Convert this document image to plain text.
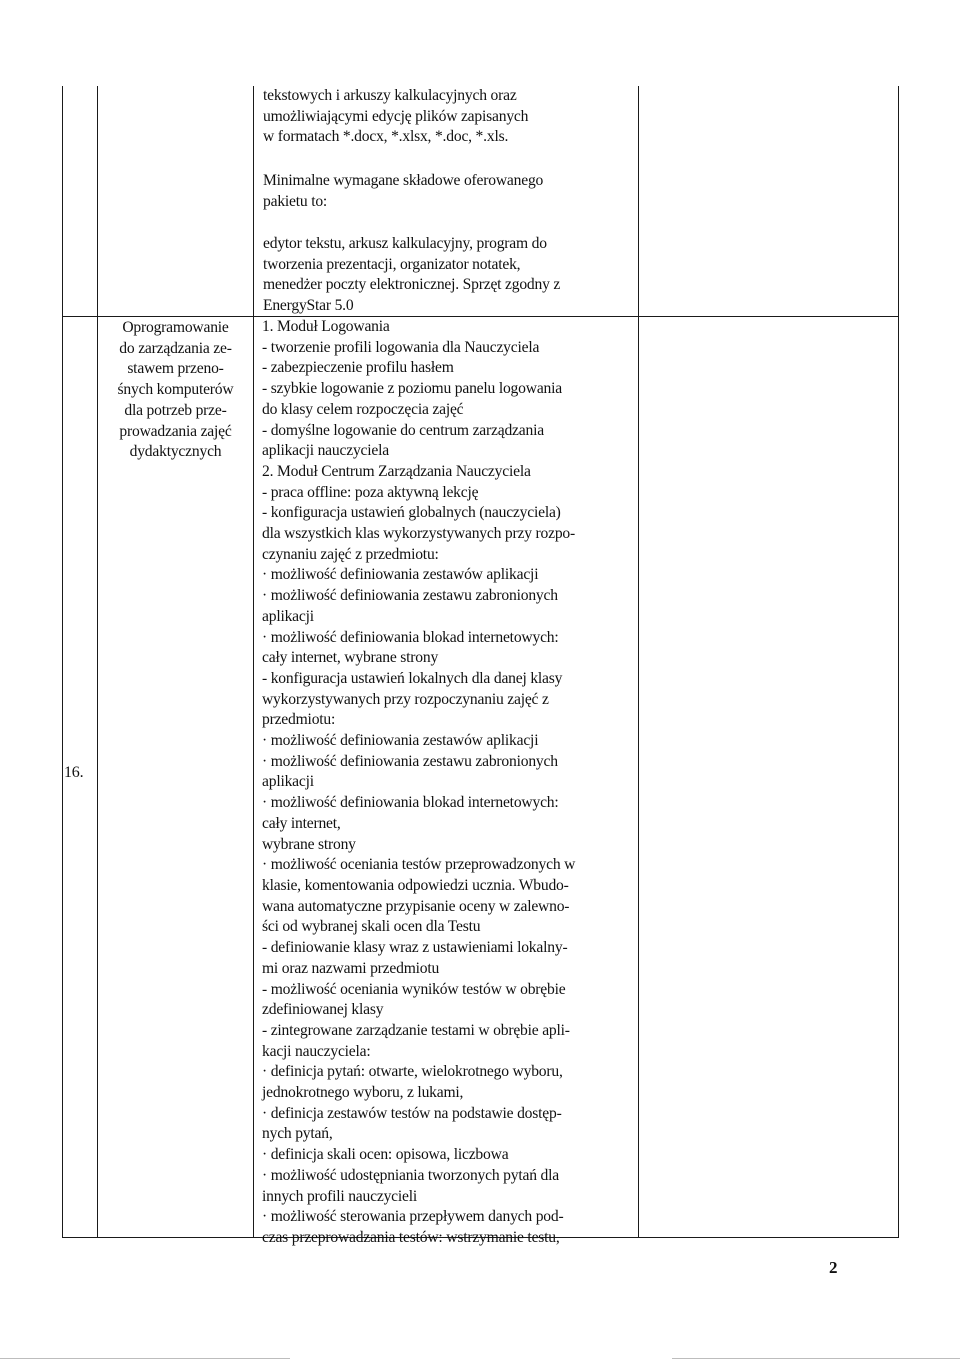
tekstowych i arkuszy kalkulacyjnych oraz
umożliwiającymi edycję plików zapisanych
w formatach *.docx, *.xlsx, *.doc, *.xls.
Minimalne wymagane składowe oferowanego
pakietu to:
edytor tekstu, arkusz kalkulacyjny, program do
tworzenia prezentacji, organizator notatek,
menedżer poczty elektronicznej. Sprzęt zgodny z
EnergyStar 5.0
16.
Oprogramowanie
do zarządzania ze-
stawem przeno-
śnych komputerów
dla potrzeb prze-
prowadzania zajęć
dydaktycznych
1. Moduł Logowania
- tworzenie profili logowania dla Nauczyciela
- zabezpieczenie profilu hasłem
- szybkie logowanie z poziomu panelu logowania
do klasy celem rozpoczęcia zajęć
- domyślne logowanie do centrum zarządzania
aplikacji nauczyciela
2. Moduł Centrum Zarządzania Nauczyciela
- praca offline: poza aktywną lekcję
- konfiguracja ustawień globalnych (nauczyciela)
dla wszystkich klas wykorzystywanych przy rozpo-
czynaniu zajęć z przedmiotu:
· możliwość definiowania zestawów aplikacji
· możliwość definiowania zestawu zabronionych
aplikacji
· możliwość definiowania blokad internetowych:
cały internet, wybrane strony
- konfiguracja ustawień lokalnych dla danej klasy
wykorzystywanych przy rozpoczynaniu zajęć z
przedmiotu:
· możliwość definiowania zestawów aplikacji
· możliwość definiowania zestawu zabronionych
aplikacji
· możliwość definiowania blokad internetowych:
cały internet,
wybrane strony
· możliwość oceniania testów przeprowadzonych w
klasie, komentowania odpowiedzi ucznia. Wbudo-
wana automatyczne przypisanie oceny w zalewno-
ści od wybranej skali ocen dla Testu
- definiowanie klasy wraz z ustawieniami lokalny-
mi oraz nazwami przedmiotu
- możliwość oceniania wyników testów w obrębie
zdefiniowanej klasy
- zintegrowane zarządzanie testami w obrębie apli-
kacji nauczyciela:
· definicja pytań: otwarte, wielokrotnego wyboru,
jednokrotnego wyboru, z lukami,
· definicja zestawów testów na podstawie dostęp-
nych pytań,
· definicja skali ocen: opisowa, liczbowa
· możliwość udostępniania tworzonych pytań dla
innych profili nauczycieli
· możliwość sterowania przepływem danych pod-
czas przeprowadzania testów: wstrzymanie testu,
2
